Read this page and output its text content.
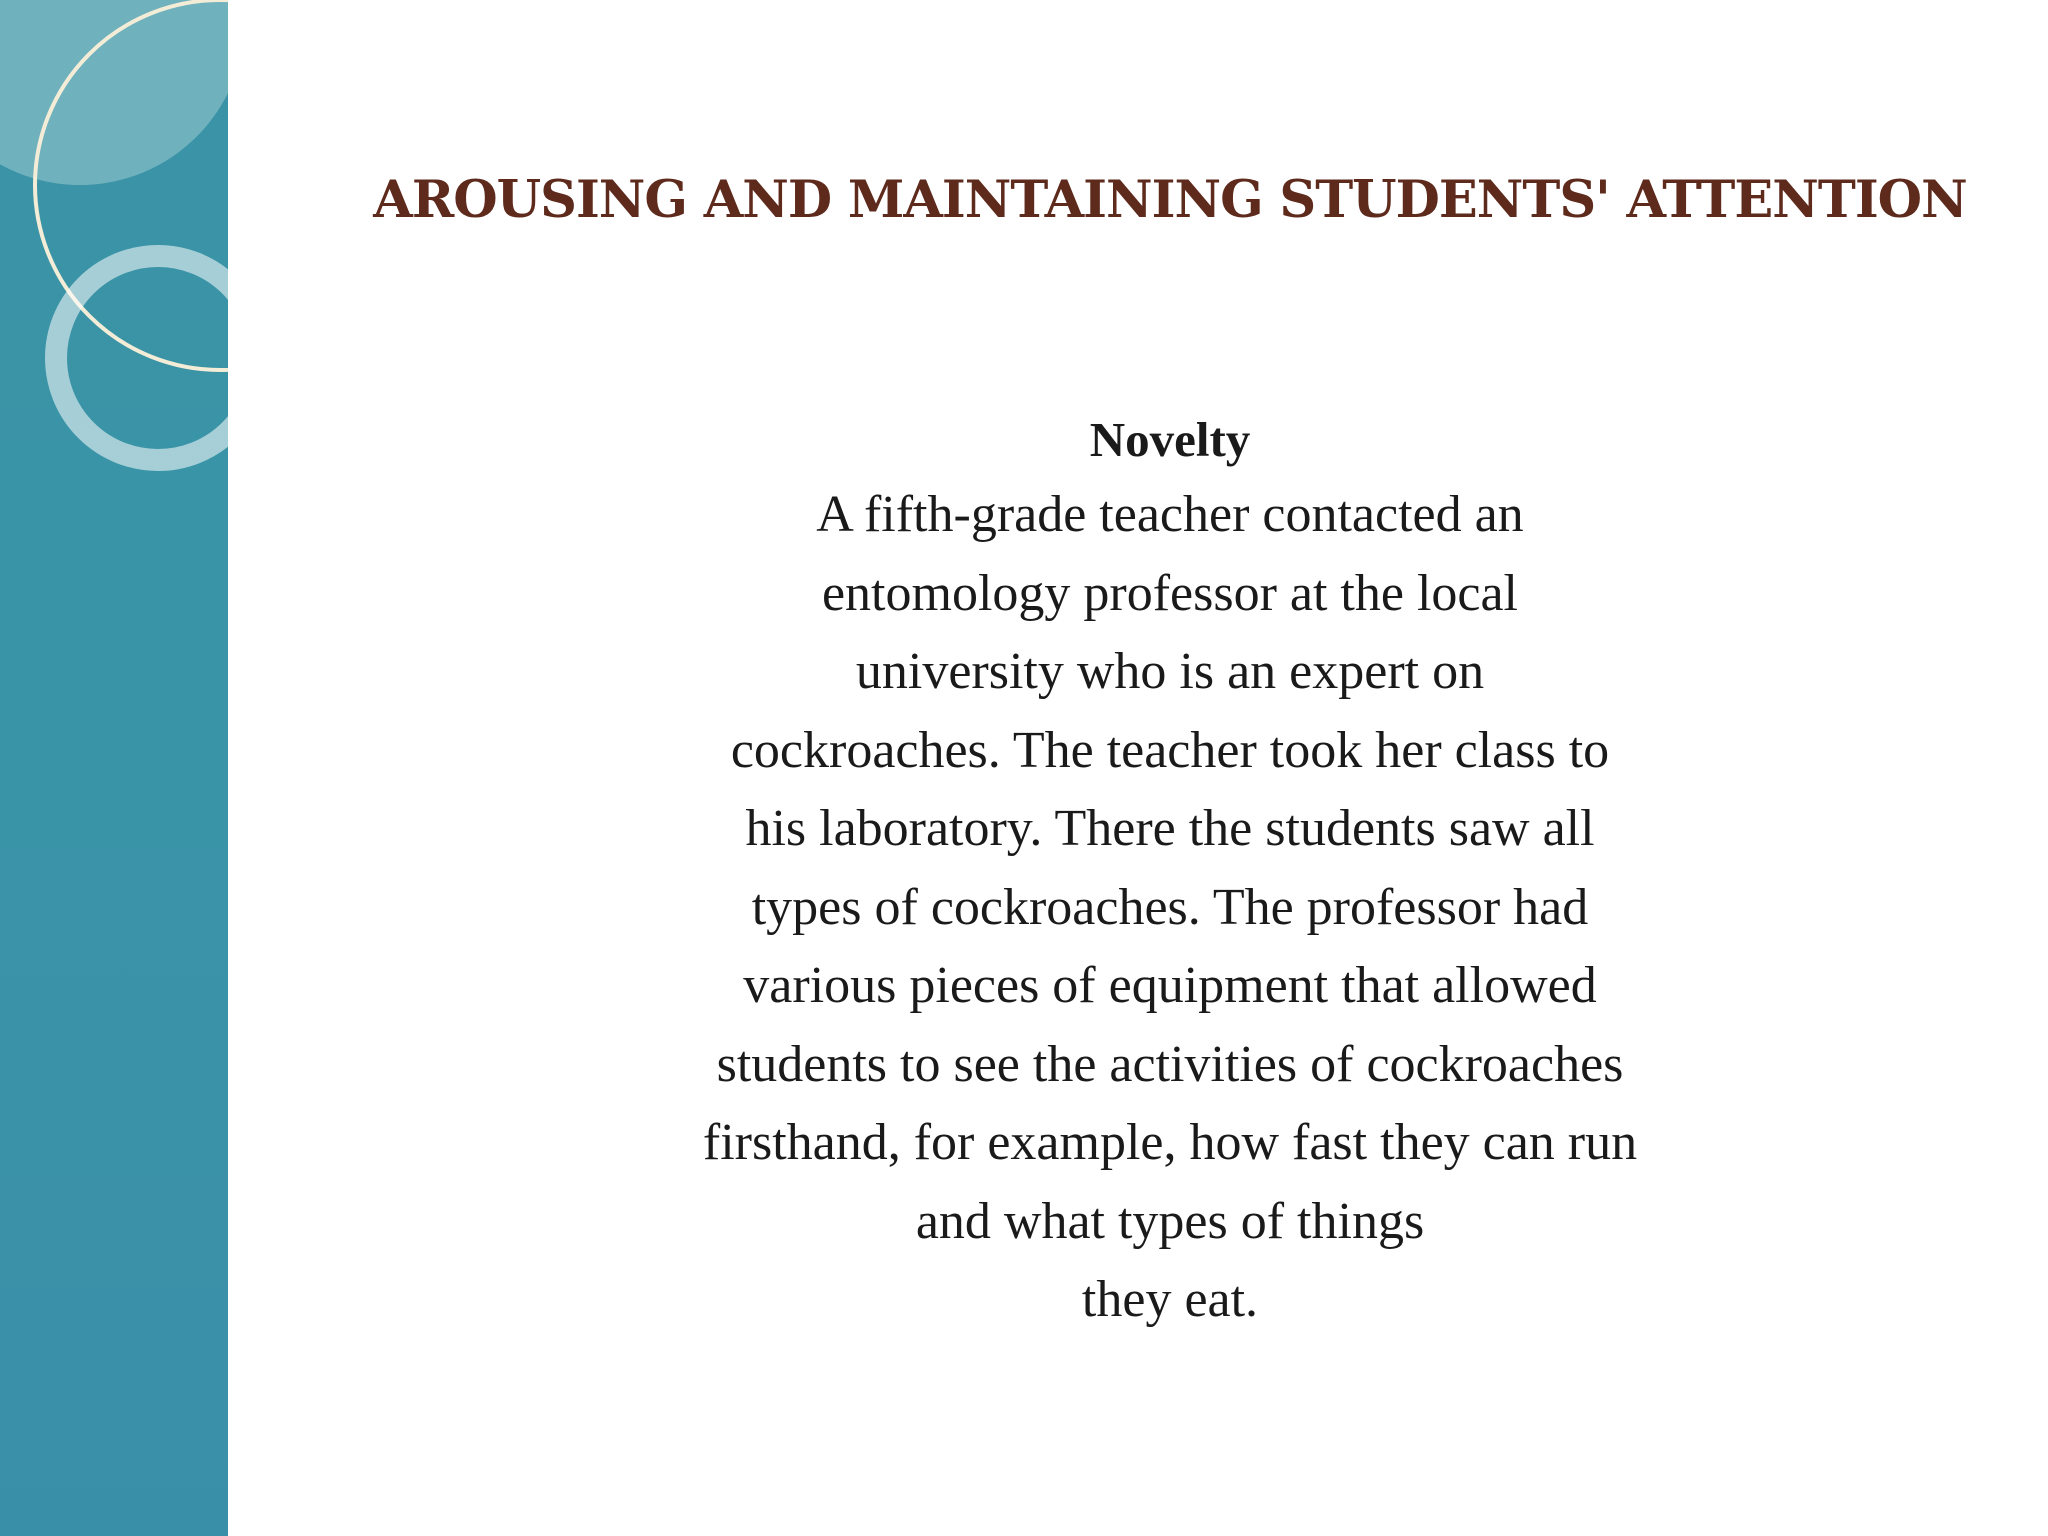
AROUSING AND MAINTAINING STUDENTS' ATTENTION

Novelty

A fifth-grade teacher contacted an
entomology professor at the local
university who is an expert on
cockroaches. The teacher took her class to
his laboratory. There the students saw all
types of cockroaches. The professor had
various pieces of equipment that allowed
students to see the activities of cockroaches
firsthand, for example, how fast they can run
and what types of things
they eat.
